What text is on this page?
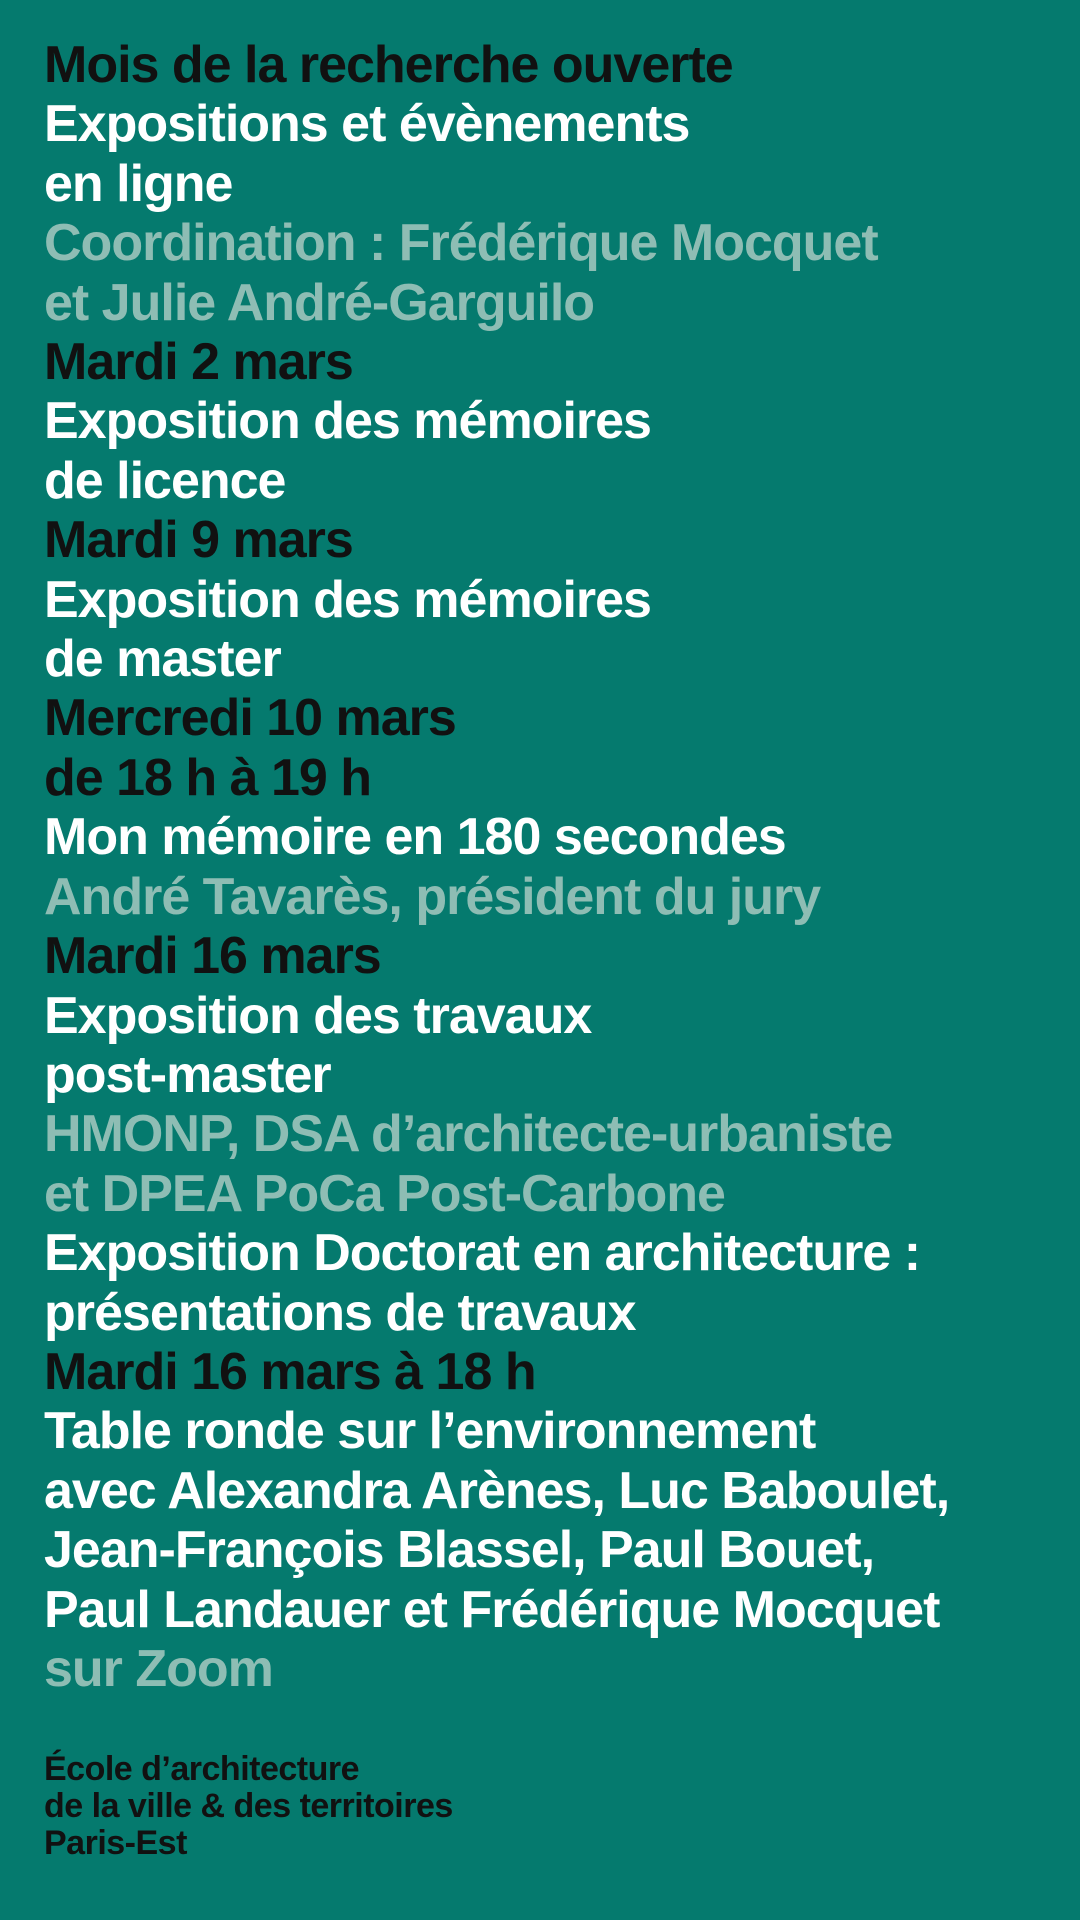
Mois de la recherche ouverte
Expositions et évènements
en ligne
Coordination : Frédérique Mocquet
et Julie André-Garguilo
Mardi 2 mars
Exposition des mémoires
de licence
Mardi 9 mars
Exposition des mémoires
de master
Mercredi 10 mars
de 18 h à 19 h
Mon mémoire en 180 secondes
André Tavarès, président du jury
Mardi 16 mars
Exposition des travaux
post-master
HMONP, DSA d’architecte-urbaniste
et DPEA PoCa Post-Carbone
Exposition Doctorat en architecture :
présentations de travaux
Mardi 16 mars à 18 h
Table ronde sur l’environnement
avec Alexandra Arènes, Luc Baboulet,
Jean-François Blassel, Paul Bouet,
Paul Landauer et Frédérique Mocquet
sur Zoom
École d’architecture
de la ville & des territoires
Paris-Est
